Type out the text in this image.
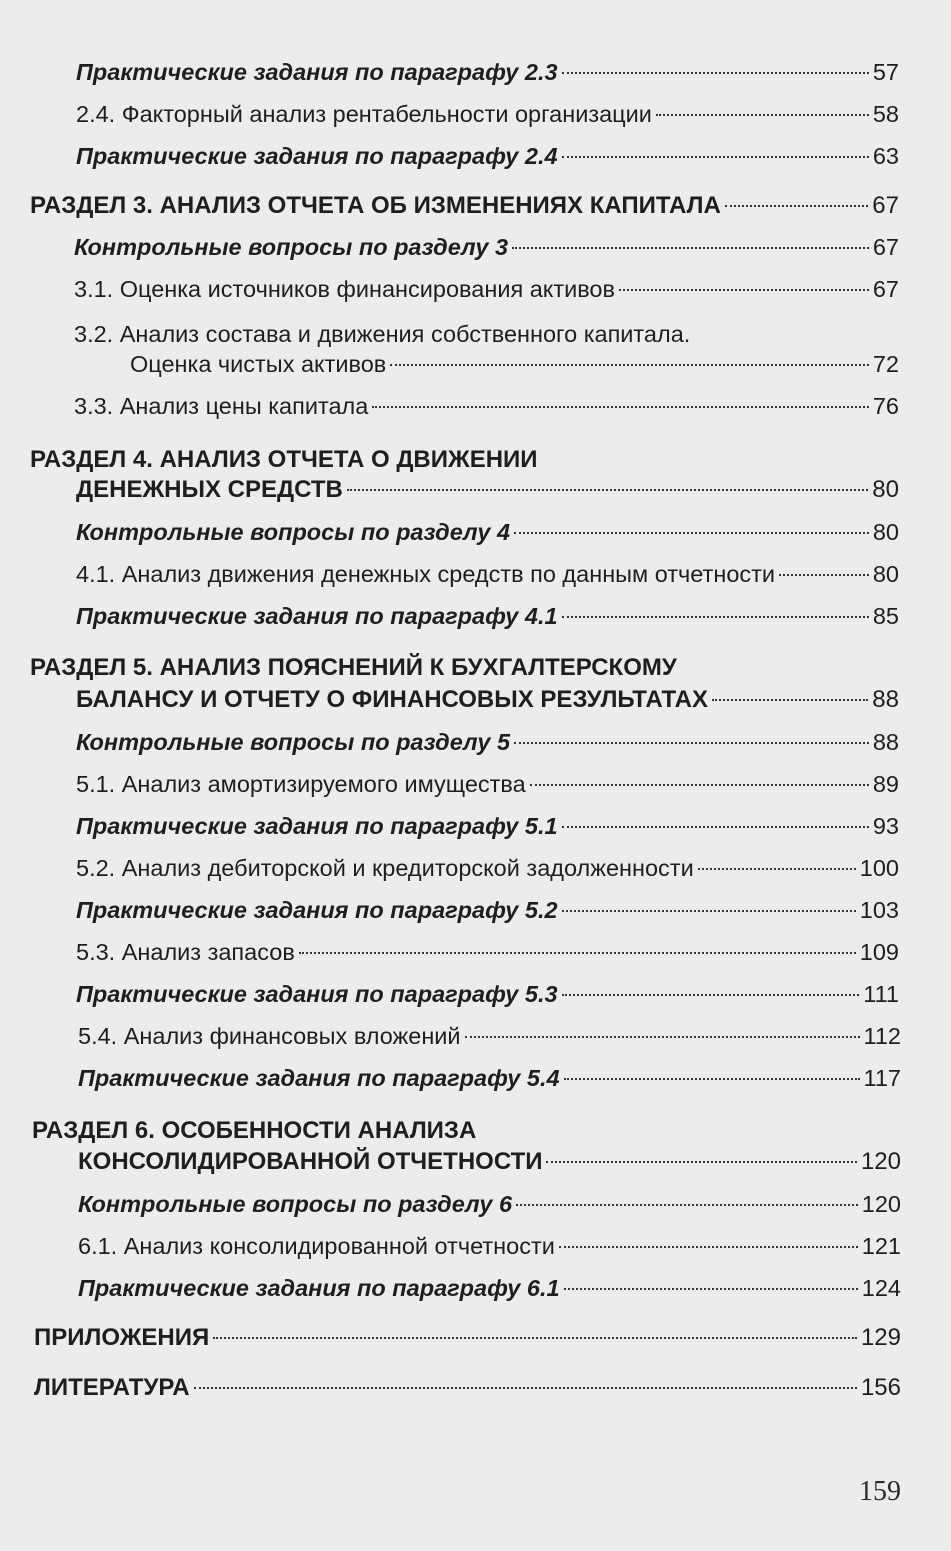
Практические задания по параграфу 2.3	57
2.4. Факторный анализ рентабельности организации	58
Практические задания по параграфу 2.4	63
РАЗДЕЛ 3. АНАЛИЗ ОТЧЕТА ОБ ИЗМЕНЕНИЯХ КАПИТАЛА	67
Контрольные вопросы по разделу 3	67
3.1. Оценка источников финансирования активов	67
3.2. Анализ состава и движения собственного капитала.
Оценка чистых активов	72
3.3. Анализ цены капитала	76
РАЗДЕЛ 4. АНАЛИЗ ОТЧЕТА О ДВИЖЕНИИ
ДЕНЕЖНЫХ СРЕДСТВ	80
Контрольные вопросы по разделу 4	80
4.1. Анализ движения денежных средств по данным отчетности	80
Практические задания по параграфу 4.1	85
РАЗДЕЛ 5. АНАЛИЗ ПОЯСНЕНИЙ К БУХГАЛТЕРСКОМУ
БАЛАНСУ И ОТЧЕТУ О ФИНАНСОВЫХ РЕЗУЛЬТАТАХ	88
Контрольные вопросы по разделу 5	88
5.1. Анализ амортизируемого имущества	89
Практические задания по параграфу 5.1	93
5.2. Анализ дебиторской и кредиторской задолженности	100
Практические задания по параграфу 5.2	103
5.3. Анализ запасов	109
Практические задания по параграфу 5.3	111
5.4. Анализ финансовых вложений	112
Практические задания по параграфу 5.4	117
РАЗДЕЛ 6. ОСОБЕННОСТИ АНАЛИЗА
КОНСОЛИДИРОВАННОЙ ОТЧЕТНОСТИ	120
Контрольные вопросы по разделу 6	120
6.1. Анализ консолидированной отчетности	121
Практические задания по параграфу 6.1	124
ПРИЛОЖЕНИЯ	129
ЛИТЕРАТУРА	156
159
